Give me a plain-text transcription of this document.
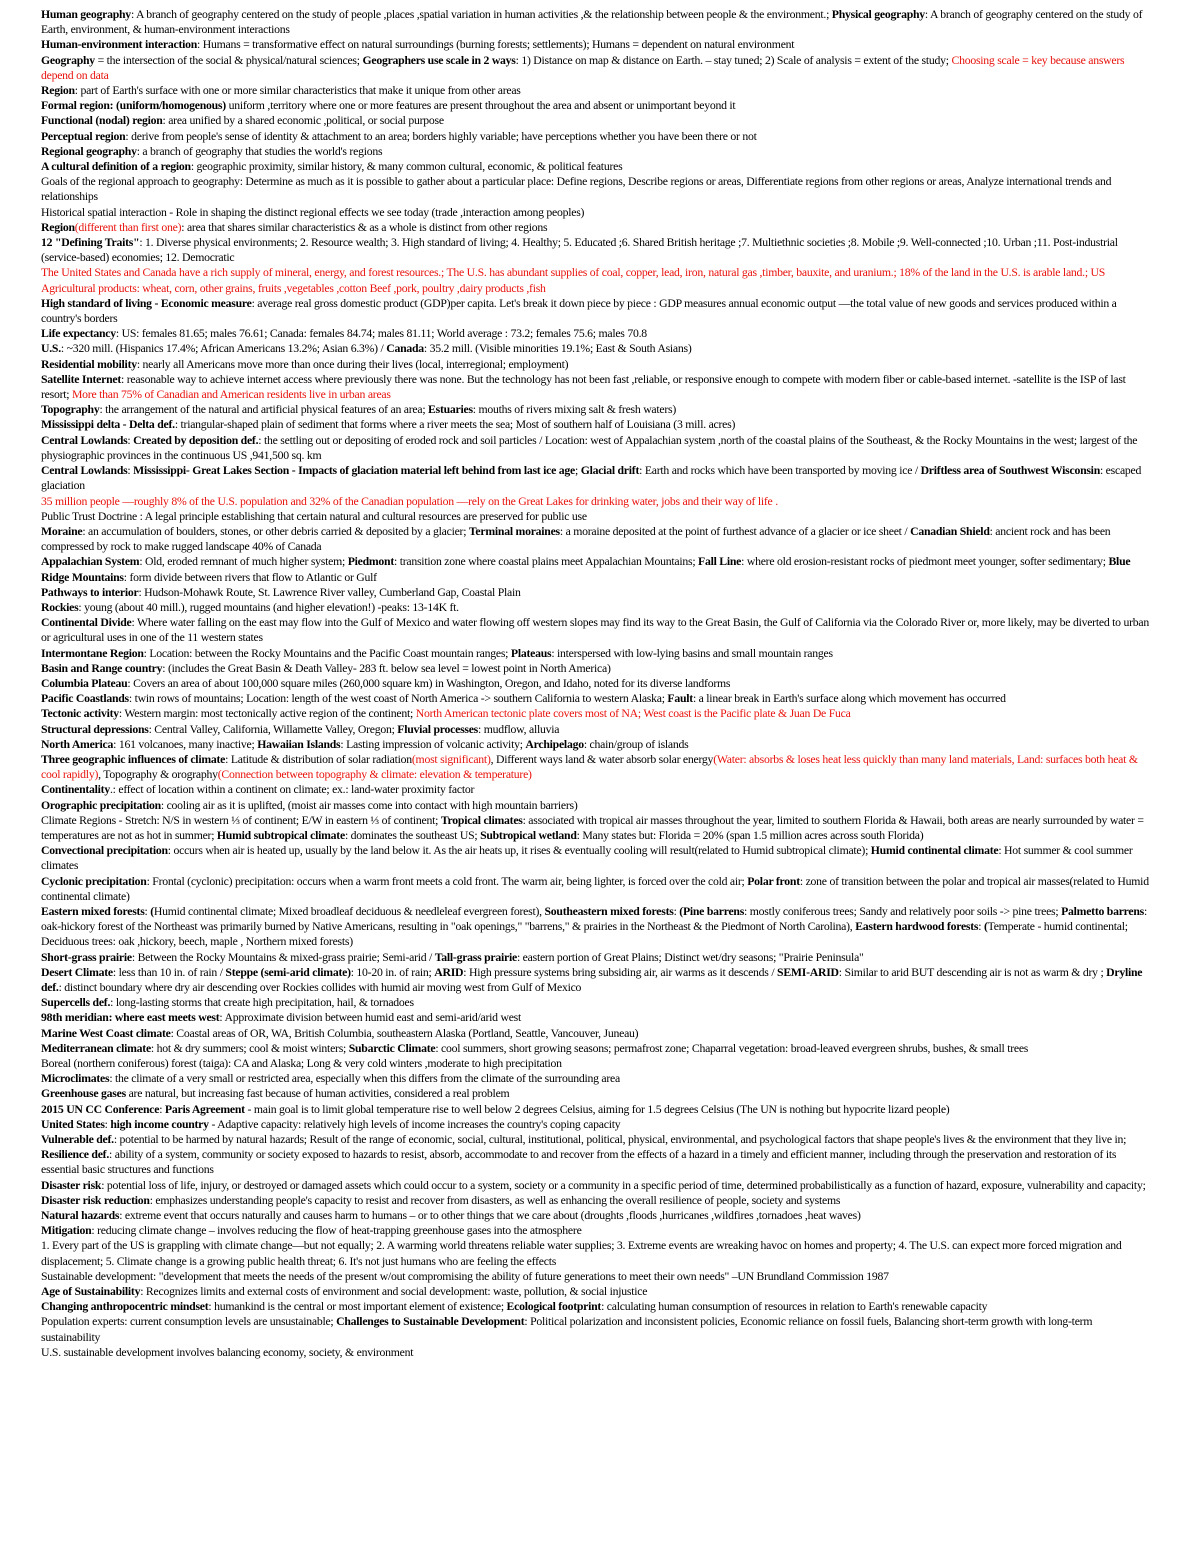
Human geography: A branch of geography centered on the study of people ,places ,spatial variation in human activities ,& the relationship between people & the environment.; Physical geography: A branch of geography centered on the study of Earth, environment, & human-environment interactions
Human-environment interaction: Humans = transformative effect on natural surroundings (burning forests; settlements); Humans = dependent on natural environment
Geography = the intersection of the social & physical/natural sciences; Geographers use scale in 2 ways: 1) Distance on map & distance on Earth. – stay tuned; 2) Scale of analysis = extent of the study; Choosing scale = key because answers depend on data
Region: part of Earth's surface with one or more similar characteristics that make it unique from other areas
Formal region: (uniform/homogenous) uniform ,territory where one or more features are present throughout the area and absent or unimportant beyond it
Functional (nodal) region: area unified by a shared economic ,political, or social purpose
Perceptual region: derive from people's sense of identity & attachment to an area; borders highly variable; have perceptions whether you have been there or not
Regional geography: a branch of geography that studies the world's regions
A cultural definition of a region: geographic proximity, similar history, & many common cultural, economic, & political features
Goals of the regional approach to geography: Determine as much as it is possible to gather about a particular place: Define regions, Describe regions or areas, Differentiate regions from other regions or areas, Analyze international trends and relationships
Historical spatial interaction - Role in shaping the distinct regional effects we see today (trade ,interaction among peoples)
Region(different than first one): area that shares similar characteristics & as a whole is distinct from other regions
12 "Defining Traits": 1. Diverse physical environments; 2. Resource wealth; 3. High standard of living; 4. Healthy; 5. Educated ;6. Shared British heritage ;7. Multiethnic societies ;8. Mobile ;9. Well-connected ;10. Urban ;11. Post-industrial (service-based) economies; 12. Democratic
The United States and Canada have a rich supply of mineral, energy, and forest resources.; The U.S. has abundant supplies of coal, copper, lead, iron, natural gas ,timber, bauxite, and uranium.; 18% of the land in the U.S. is arable land.; US Agricultural products: wheat, corn, other grains, fruits ,vegetables ,cotton Beef ,pork, poultry ,dairy products ,fish
High standard of living - Economic measure: average real gross domestic product (GDP)per capita. Let's break it down piece by piece : GDP measures annual economic output —the total value of new goods and services produced within a country's borders
Life expectancy: US: females 81.65; males 76.61; Canada: females 84.74; males 81.11; World average : 73.2; females 75.6; males 70.8
U.S.: ~320 mill. (Hispanics 17.4%; African Americans 13.2%; Asian 6.3%) / Canada: 35.2 mill. (Visible minorities 19.1%; East & South Asians)
Residential mobility: nearly all Americans move more than once during their lives (local, interregional; employment)
Satellite Internet: reasonable way to achieve internet access where previously there was none. But the technology has not been fast ,reliable, or responsive enough to compete with modern fiber or cable-based internet. -satellite is the ISP of last resort; More than 75% of Canadian and American residents live in urban areas
Topography: the arrangement of the natural and artificial physical features of an area; Estuaries: mouths of rivers mixing salt & fresh waters)
Mississippi delta - Delta def.: triangular-shaped plain of sediment that forms where a river meets the sea; Most of southern half of Louisiana (3 mill. acres)
Central Lowlands: Created by deposition def.: the settling out or depositing of eroded rock and soil particles / Location: west of Appalachian system ,north of the coastal plains of the Southeast, & the Rocky Mountains in the west; largest of the physiographic provinces in the continuous US ,941,500 sq. km
Central Lowlands: Mississippi- Great Lakes Section - Impacts of glaciation material left behind from last ice age; Glacial drift: Earth and rocks which have been transported by moving ice / Driftless area of Southwest Wisconsin: escaped glaciation
35 million people —roughly 8% of the U.S. population and 32% of the Canadian population —rely on the Great Lakes for drinking water, jobs and their way of life .
Public Trust Doctrine : A legal principle establishing that certain natural and cultural resources are preserved for public use
Moraine: an accumulation of boulders, stones, or other debris carried & deposited by a glacier; Terminal moraines: a moraine deposited at the point of furthest advance of a glacier or ice sheet / Canadian Shield: ancient rock and has been compressed by rock to make rugged landscape 40% of Canada
Appalachian System: Old, eroded remnant of much higher system; Piedmont: transition zone where coastal plains meet Appalachian Mountains; Fall Line: where old erosion-resistant rocks of piedmont meet younger, softer sedimentary; Blue Ridge Mountains: form divide between rivers that flow to Atlantic or Gulf
Pathways to interior: Hudson-Mohawk Route, St. Lawrence River valley, Cumberland Gap, Coastal Plain
Rockies: young (about 40 mill.), rugged mountains (and higher elevation!) -peaks: 13-14K ft.
Continental Divide: Where water falling on the east may flow into the Gulf of Mexico and water flowing off western slopes may find its way to the Great Basin, the Gulf of California via the Colorado River or, more likely, may be diverted to urban or agricultural uses in one of the 11 western states
Intermontane Region: Location: between the Rocky Mountains and the Pacific Coast mountain ranges; Plateaus: interspersed with low-lying basins and small mountain ranges
Basin and Range country: (includes the Great Basin & Death Valley- 283 ft. below sea level = lowest point in North America)
Columbia Plateau: Covers an area of about 100,000 square miles (260,000 square km) in Washington, Oregon, and Idaho, noted for its diverse landforms
Pacific Coastlands: twin rows of mountains; Location: length of the west coast of North America -> southern California to western Alaska; Fault: a linear break in Earth's surface along which movement has occurred
Tectonic activity: Western margin: most tectonically active region of the continent; North American tectonic plate covers most of NA; West coast is the Pacific plate & Juan De Fuca
Structural depressions: Central Valley, California, Willamette Valley, Oregon; Fluvial processes: mudflow, alluvia
North America: 161 volcanoes, many inactive; Hawaiian Islands: Lasting impression of volcanic activity; Archipelago: chain/group of islands
Three geographic influences of climate: Latitude & distribution of solar radiation(most significant), Different ways land & water absorb solar energy(Water: absorbs & loses heat less quickly than many land materials, Land: surfaces both heat & cool rapidly), Topography & orography(Connection between topography & climate: elevation & temperature)
Continentality.: effect of location within a continent on climate; ex.: land-water proximity factor
Orographic precipitation: cooling air as it is uplifted, (moist air masses come into contact with high mountain barriers)
Climate Regions - Stretch: N/S in western ⅓ of continent; E/W in eastern ⅓ of continent; Tropical climates: associated with tropical air masses throughout the year, limited to southern Florida & Hawaii, both areas are nearly surrounded by water = temperatures are not as hot in summer; Humid subtropical climate: dominates the southeast US; Subtropical wetland: Many states but: Florida = 20% (span 1.5 million acres across south Florida)
Convectional precipitation: occurs when air is heated up, usually by the land below it. As the air heats up, it rises & eventually cooling will result(related to Humid subtropical climate); Humid continental climate: Hot summer & cool summer climates
Cyclonic precipitation: Frontal (cyclonic) precipitation: occurs when a warm front meets a cold front. The warm air, being lighter, is forced over the cold air; Polar front: zone of transition between the polar and tropical air masses(related to Humid continental climate)
Eastern mixed forests: (Humid continental climate; Mixed broadleaf deciduous & needleleaf evergreen forest), Southeastern mixed forests: (Pine barrens: mostly coniferous trees; Sandy and relatively poor soils -> pine trees; Palmetto barrens: oak-hickory forest of the Northeast was primarily burned by Native Americans, resulting in "oak openings," "barrens," & prairies in the Northeast & the Piedmont of North Carolina), Eastern hardwood forests: (Temperate - humid continental; Deciduous trees: oak ,hickory, beech, maple , Northern mixed forests)
Short-grass prairie: Between the Rocky Mountains & mixed-grass prairie; Semi-arid / Tall-grass prairie: eastern portion of Great Plains; Distinct wet/dry seasons; "Prairie Peninsula"
Desert Climate: less than 10 in. of rain / Steppe (semi-arid climate): 10-20 in. of rain; ARID: High pressure systems bring subsiding air, air warms as it descends / SEMI-ARID: Similar to arid BUT descending air is not as warm & dry ; Dryline def.: distinct boundary where dry air descending over Rockies collides with humid air moving west from Gulf of Mexico
Supercells def.: long-lasting storms that create high precipitation, hail, & tornadoes
98th meridian: where east meets west: Approximate division between humid east and semi-arid/arid west
Marine West Coast climate: Coastal areas of OR, WA, British Columbia, southeastern Alaska (Portland, Seattle, Vancouver, Juneau)
Mediterranean climate: hot & dry summers; cool & moist winters; Subarctic Climate: cool summers, short growing seasons; permafrost zone; Chaparral vegetation: broad-leaved evergreen shrubs, bushes, & small trees
Boreal (northern coniferous) forest (taiga): CA and Alaska; Long & very cold winters ,moderate to high precipitation
Microclimates: the climate of a very small or restricted area, especially when this differs from the climate of the surrounding area
Greenhouse gases are natural, but increasing fast because of human activities, considered a real problem
2015 UN CC Conference: Paris Agreement - main goal is to limit global temperature rise to well below 2 degrees Celsius, aiming for 1.5 degrees Celsius (The UN is nothing but hypocrite lizard people)
United States: high income country - Adaptive capacity: relatively high levels of income increases the country's coping capacity
Vulnerable def.: potential to be harmed by natural hazards; Result of the range of economic, social, cultural, institutional, political, physical, environmental, and psychological factors that shape people's lives & the environment that they live in; Resilience def.: ability of a system, community or society exposed to hazards to resist, absorb, accommodate to and recover from the effects of a hazard in a timely and efficient manner, including through the preservation and restoration of its essential basic structures and functions
Disaster risk: potential loss of life, injury, or destroyed or damaged assets which could occur to a system, society or a community in a specific period of time, determined probabilistically as a function of hazard, exposure, vulnerability and capacity; Disaster risk reduction: emphasizes understanding people's capacity to resist and recover from disasters, as well as enhancing the overall resilience of people, society and systems
Natural hazards: extreme event that occurs naturally and causes harm to humans – or to other things that we care about (droughts ,floods ,hurricanes ,wildfires ,tornadoes ,heat waves)
Mitigation: reducing climate change – involves reducing the flow of heat-trapping greenhouse gases into the atmosphere
1. Every part of the US is grappling with climate change—but not equally; 2. A warming world threatens reliable water supplies; 3. Extreme events are wreaking havoc on homes and property; 4. The U.S. can expect more forced migration and displacement; 5. Climate change is a growing public health threat; 6. It's not just humans who are feeling the effects
Sustainable development: "development that meets the needs of the present w/out compromising the ability of future generations to meet their own needs" –UN Brundland Commission 1987
Age of Sustainability: Recognizes limits and external costs of environment and social development: waste, pollution, & social injustice
Changing anthropocentric mindset: humankind is the central or most important element of existence; Ecological footprint: calculating human consumption of resources in relation to Earth's renewable capacity
Population experts: current consumption levels are unsustainable; Challenges to Sustainable Development: Political polarization and inconsistent policies, Economic reliance on fossil fuels, Balancing short-term growth with long-term sustainability
U.S. sustainable development involves balancing economy, society, & environment
